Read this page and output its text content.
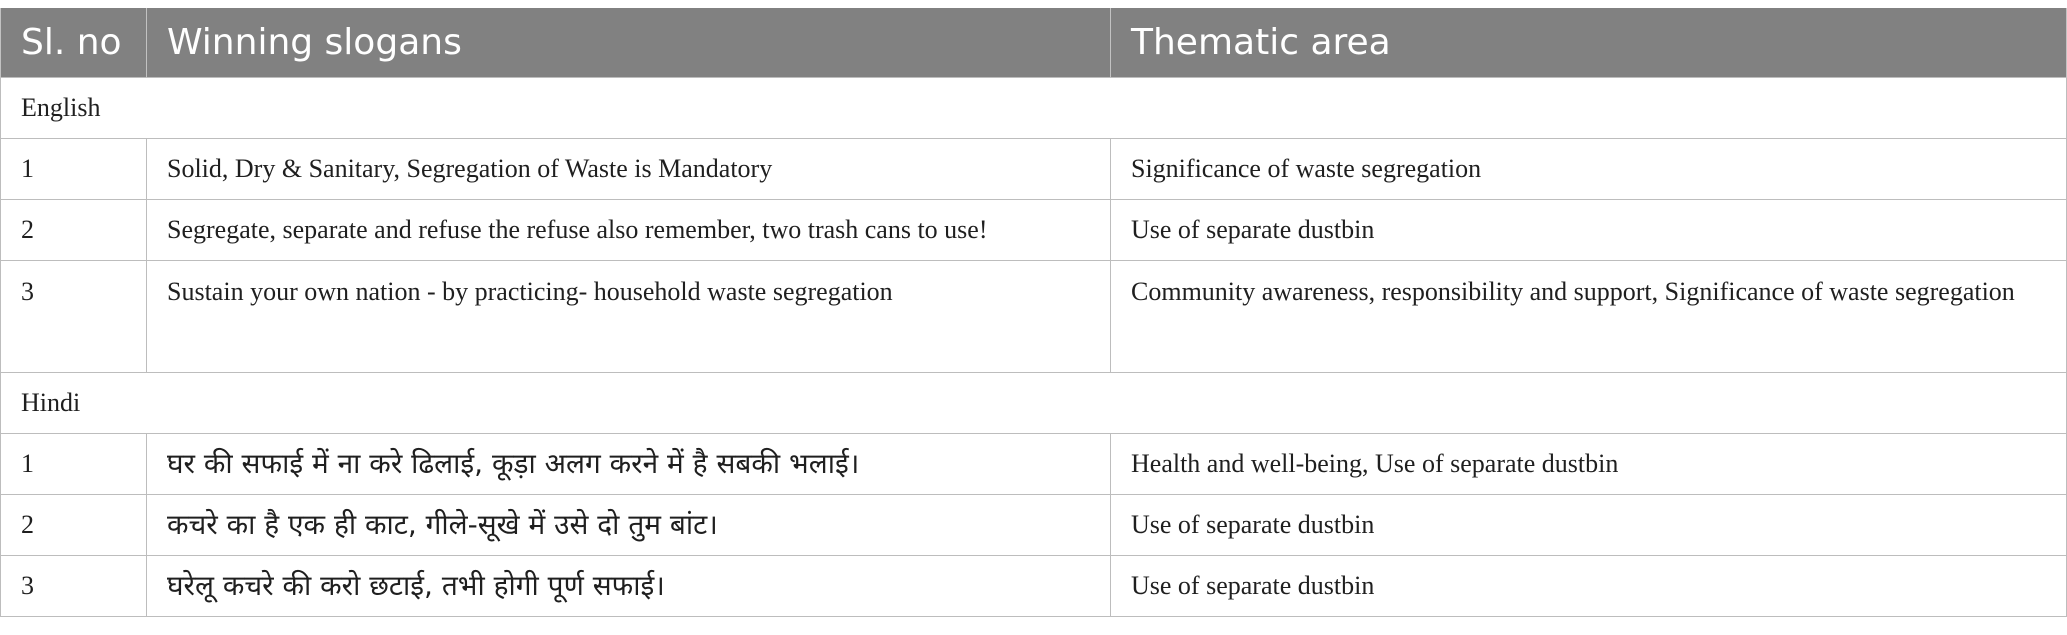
Sl. no	Winning slogans	Thematic area
English		
1	Solid, Dry & Sanitary, Segregation of Waste is Mandatory	Significance of waste segregation
2	Segregate, separate and refuse the refuse also remember, two trash cans to use!	Use of separate dustbin
3	Sustain your own nation - by practicing- household waste segregation	Community awareness, responsibility and support, Significance of waste segregation
Hindi		
1	घर की सफाई में ना करे ढिलाई, कूड़ा अलग करने में है सबकी भलाई।	Health and well-being, Use of separate dustbin
2	कचरे का है एक ही काट, गीले-सूखे में उसे दो तुम बांट।	Use of separate dustbin
3	घरेलू कचरे की करो छटाई, तभी होगी पूर्ण सफाई।	Use of separate dustbin
